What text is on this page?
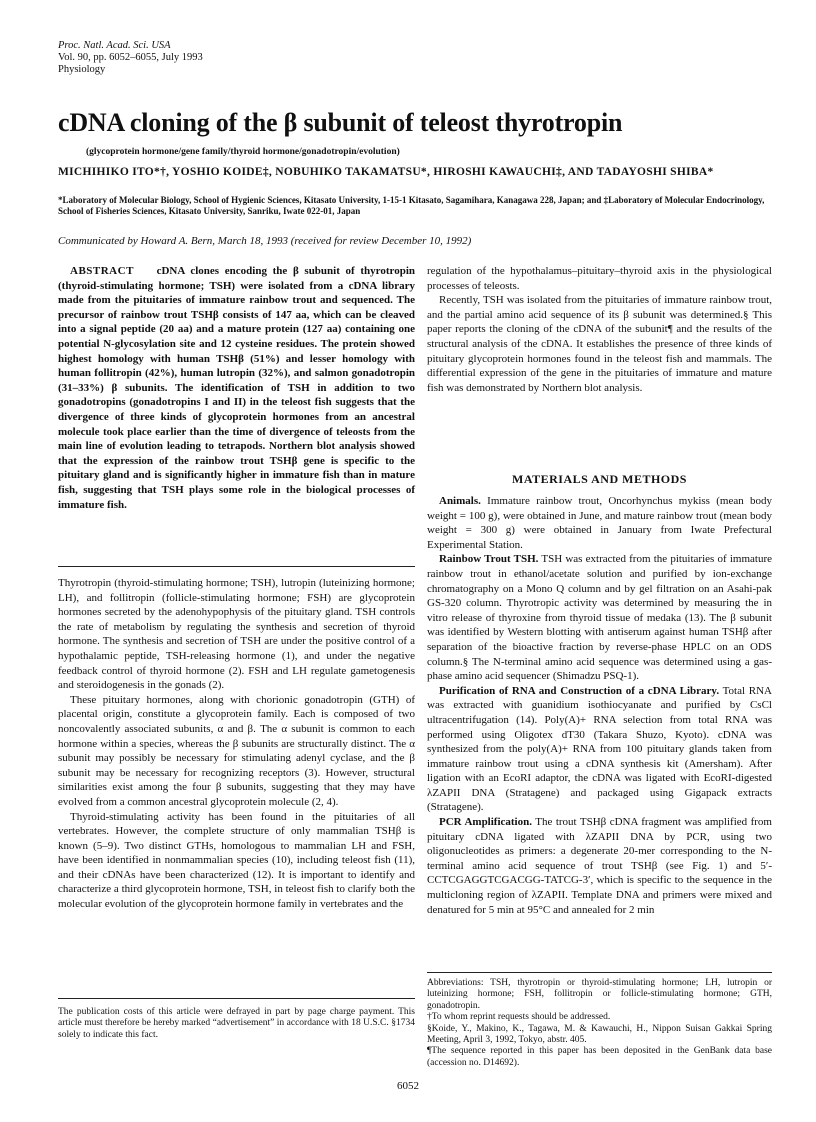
Proc. Natl. Acad. Sci. USA
Vol. 90, pp. 6052–6055, July 1993
Physiology
cDNA cloning of the β subunit of teleost thyrotropin
(glycoprotein hormone/gene family/thyroid hormone/gonadotropin/evolution)
MICHIHIKO ITO*†, YOSHIO KOIDE‡, NOBUHIKO TAKAMATSU*, HIROSHI KAWAUCHI‡, AND TADAYOSHI SHIBA*
*Laboratory of Molecular Biology, School of Hygienic Sciences, Kitasato University, 1-15-1 Kitasato, Sagamihara, Kanagawa 228, Japan; and ‡Laboratory of Molecular Endocrinology, School of Fisheries Sciences, Kitasato University, Sanriku, Iwate 022-01, Japan
Communicated by Howard A. Bern, March 18, 1993 (received for review December 10, 1992)

ABSTRACT cDNA clones encoding the β subunit of thyrotropin (thyroid-stimulating hormone; TSH) were isolated from a cDNA library made from the pituitaries of immature rainbow trout and sequenced. The precursor of rainbow trout TSHβ consists of 147 aa, which can be cleaved into a signal peptide (20 aa) and a mature protein (127 aa) containing one potential N-glycosylation site and 12 cysteine residues. The protein showed highest homology with human TSHβ (51%) and lesser homology with human follitropin (42%), human lutropin (32%), and salmon gonadotropin (31–33%) β subunits. The identification of TSH in addition to two gonadotropins (gonadotropins I and II) in the teleost fish suggests that the divergence of three kinds of glycoprotein hormones from an ancestral molecule took place earlier than the time of divergence of teleosts from the main line of evolution leading to tetrapods. Northern blot analysis showed that the expression of the rainbow trout TSHβ gene is specific to the pituitary gland and is significantly higher in immature fish than in mature fish, suggesting that TSH plays some role in the biological processes of immature fish.

Thyrotropin (thyroid-stimulating hormone; TSH), lutropin (luteinizing hormone; LH), and follitropin (follicle-stimulating hormone; FSH) are glycoprotein hormones secreted by the adenohypophysis of the pituitary gland. TSH controls the rate of metabolism by regulating the synthesis and secretion of thyroid hormone. The synthesis and secretion of TSH are under the positive control of a hypothalamic peptide, TSH-releasing hormone (1), and under the negative feedback control of thyroid hormone (2). FSH and LH regulate gametogenesis and steroidogenesis in the gonads (2).

These pituitary hormones, along with chorionic gonadotropin (GTH) of placental origin, constitute a glycoprotein family. Each is composed of two noncovalently associated subunits, α and β. The α subunit is common to each hormone within a species, whereas the β subunits are structurally distinct. The α subunit may possibly be necessary for stimulating adenyl cyclase, and the β subunit may be necessary for recognizing receptors (3). However, structural similarities exist among the four β subunits, suggesting that they may have evolved from a common ancestral glycoprotein molecule (2, 4).

Thyroid-stimulating activity has been found in the pituitaries of all vertebrates. However, the complete structure of only mammalian TSHβ is known (5–9). Two distinct GTHs, homologous to mammalian LH and FSH, have been identified in nonmammalian species (10), including teleost fish (11), and their cDNAs have been characterized (12). It is important to identify and characterize a third glycoprotein hormone, TSH, in teleost fish to clarify both the molecular evolution of the glycoprotein hormone family in vertebrates and the

The publication costs of this article were defrayed in part by page charge payment. This article must therefore be hereby marked “advertisement” in accordance with 18 U.S.C. §1734 solely to indicate this fact.

regulation of the hypothalamus–pituitary–thyroid axis in the physiological processes of teleosts.

Recently, TSH was isolated from the pituitaries of immature rainbow trout, and the partial amino acid sequence of its β subunit was determined.§ This paper reports the cloning of the cDNA of the subunit¶ and the results of the structural analysis of the cDNA. It establishes the presence of three kinds of pituitary glycoprotein hormones found in the teleost fish and mammals. The differential expression of the gene in the pituitaries of immature and mature fish was demonstrated by Northern blot analysis.

MATERIALS AND METHODS

Animals. Immature rainbow trout, Oncorhynchus mykiss (mean body weight = 100 g), were obtained in June, and mature rainbow trout (mean body weight = 300 g) were obtained in January from Iwate Prefectural Experimental Station.

Rainbow Trout TSH. TSH was extracted from the pituitaries of immature rainbow trout in ethanol/acetate solution and purified by ion-exchange chromatography on a Mono Q column and by gel filtration on an Asahi-pak GS-320 column. Thyrotropic activity was determined by measuring the in vitro release of thyroxine from thyroid tissue of medaka (13). The β subunit was identified by Western blotting with antiserum against human TSHβ after separation of the bioactive fraction by reverse-phase HPLC on an ODS column.§ The N-terminal amino acid sequence was determined using a gas-phase amino acid sequencer (Shimadzu PSQ-1).

Purification of RNA and Construction of a cDNA Library. Total RNA was extracted with guanidium isothiocyanate and purified by CsCl ultracentrifugation (14). Poly(A)+ RNA selection from total RNA was performed using Oligotex dT30 (Takara Shuzo, Kyoto). cDNA was synthesized from the poly(A)+ RNA from 100 pituitary glands taken from immature rainbow trout using a cDNA synthesis kit (Amersham). After ligation with an EcoRI adaptor, the cDNA was ligated with EcoRI-digested λZAPII DNA (Stratagene) and packaged using Gigapack extracts (Stratagene).

PCR Amplification. The trout TSHβ cDNA fragment was amplified from pituitary cDNA ligated with λZAPII DNA by PCR, using two oligonucleotides as primers: a degenerate 20-mer corresponding to the N-terminal amino acid sequence of trout TSHβ (see Fig. 1) and 5′-CCTCGAGGTCGACGG-TATCG-3′, which is specific to the sequence in the multicloning region of λZAPII. Template DNA and primers were mixed and denatured for 5 min at 95°C and annealed for 2 min

Abbreviations: TSH, thyrotropin or thyroid-stimulating hormone; LH, lutropin or luteinizing hormone; FSH, follitropin or follicle-stimulating hormone; GTH, gonadotropin.

†To whom reprint requests should be addressed.

§Koide, Y., Makino, K., Tagawa, M. & Kawauchi, H., Nippon Suisan Gakkai Spring Meeting, April 3, 1992, Tokyo, abstr. 405.

¶The sequence reported in this paper has been deposited in the GenBank data base (accession no. D14692).

6052
